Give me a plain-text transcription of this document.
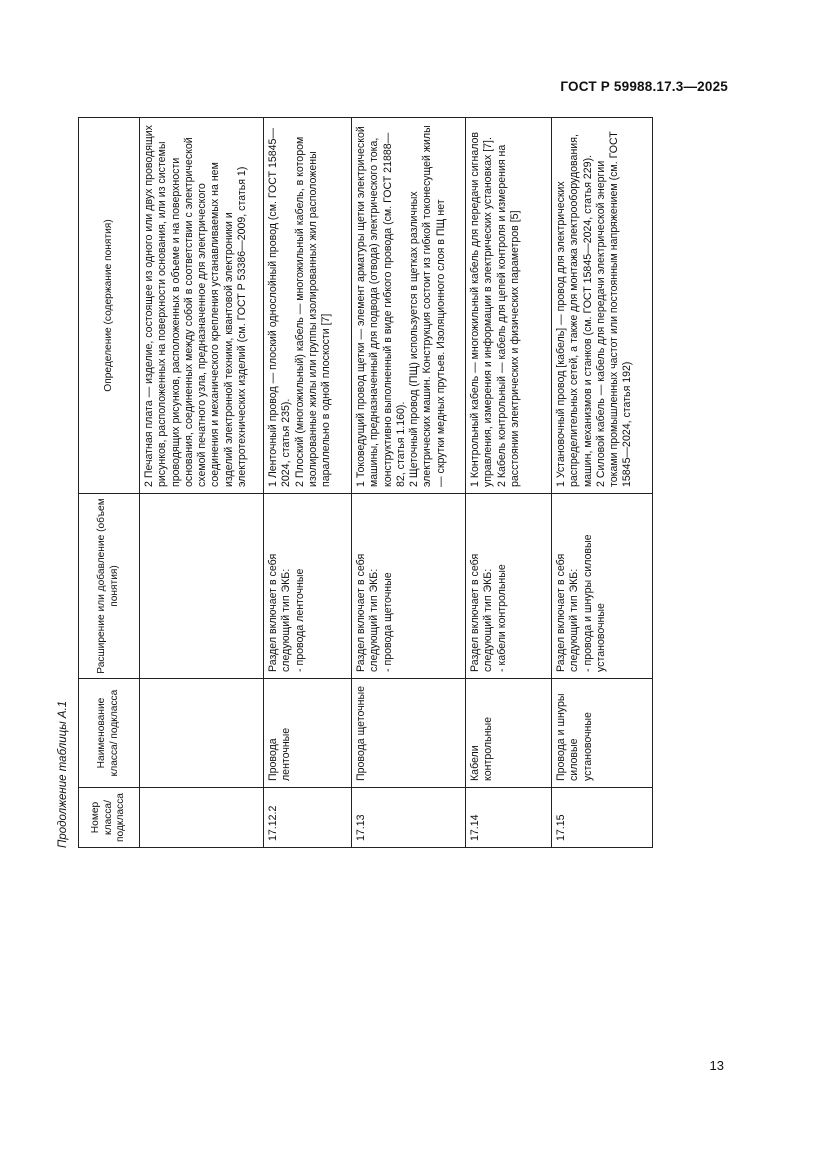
ГОСТ Р 59988.17.3—2025
Продолжение таблицы А.1	Номер класса/ подкласса	Наименование класса/ подкласса	Расширение или добавление (объем понятия)	Определение (содержание понятия)

			2 Печатная плата — изделие, состоящее из одного или двух проводящих рисунков, расположенных на поверхности основания, или из системы проводящих рисунков, расположенных в объеме и на поверхности основания, соединенных между собой в соответствии с электрической схемой печатного узла, предназначенное для электрического соединения и механического крепления устанавливаемых на нем изделий электронной техники, квантовой электроники и электротехнических изделий (см. ГОСТ Р 53386—2009, статья 1)

17.12.2	Провода ленточные	Раздел включает в себя следующий тип ЭКБ: - провода ленточные	1 Ленточный провод — плоский однослойный провод (см. ГОСТ 15845—2024, статья 235). 2 Плоский (многожильный) кабель — многожильный кабель, в котором изолированные жилы или группы изолированных жил расположены параллельно в одной плоскости [7]

17.13	Провода щеточные	Раздел включает в себя следующий тип ЭКБ: - провода щеточные	1 Токоведущий провод щетки — элемент арматуры щетки электрической машины, предназначенный для подвода (отвода) электрического тока, конструктивно выполненный в виде гибкого провода (см. ГОСТ 21888—82, статья 1.160). 2 Щеточный провод (ПЩ) используется в щетках различных электрических машин. Конструкция состоит из гибкой токонесущей жилы — скрутки медных прутьев. Изоляционного слоя в ПЩ нет

17.14	Кабели контрольные	Раздел включает в себя следующий тип ЭКБ: - кабели контрольные	1 Контрольный кабель — многожильный кабель для передачи сигналов управления, измерения и информации в электрических установках [7]. 2 Кабель контрольный — кабель для цепей контроля и измерения на расстоянии электрических и физических параметров [5]

17.15	Провода и шнуры силовые установочные	Раздел включает в себя следующий тип ЭКБ: - провода и шнуры силовые установочные	1 Установочный провод [кабель] — провод для электрических распределительных сетей, а также для монтажа электрооборудования, машин, механизмов и станков (см. ГОСТ 15845—2024, статья 229). 2 Силовой кабель — кабель для передачи электрической энергии токами промышленных частот или постоянным напряжением (см. ГОСТ 15845—2024, статья 192)
13
